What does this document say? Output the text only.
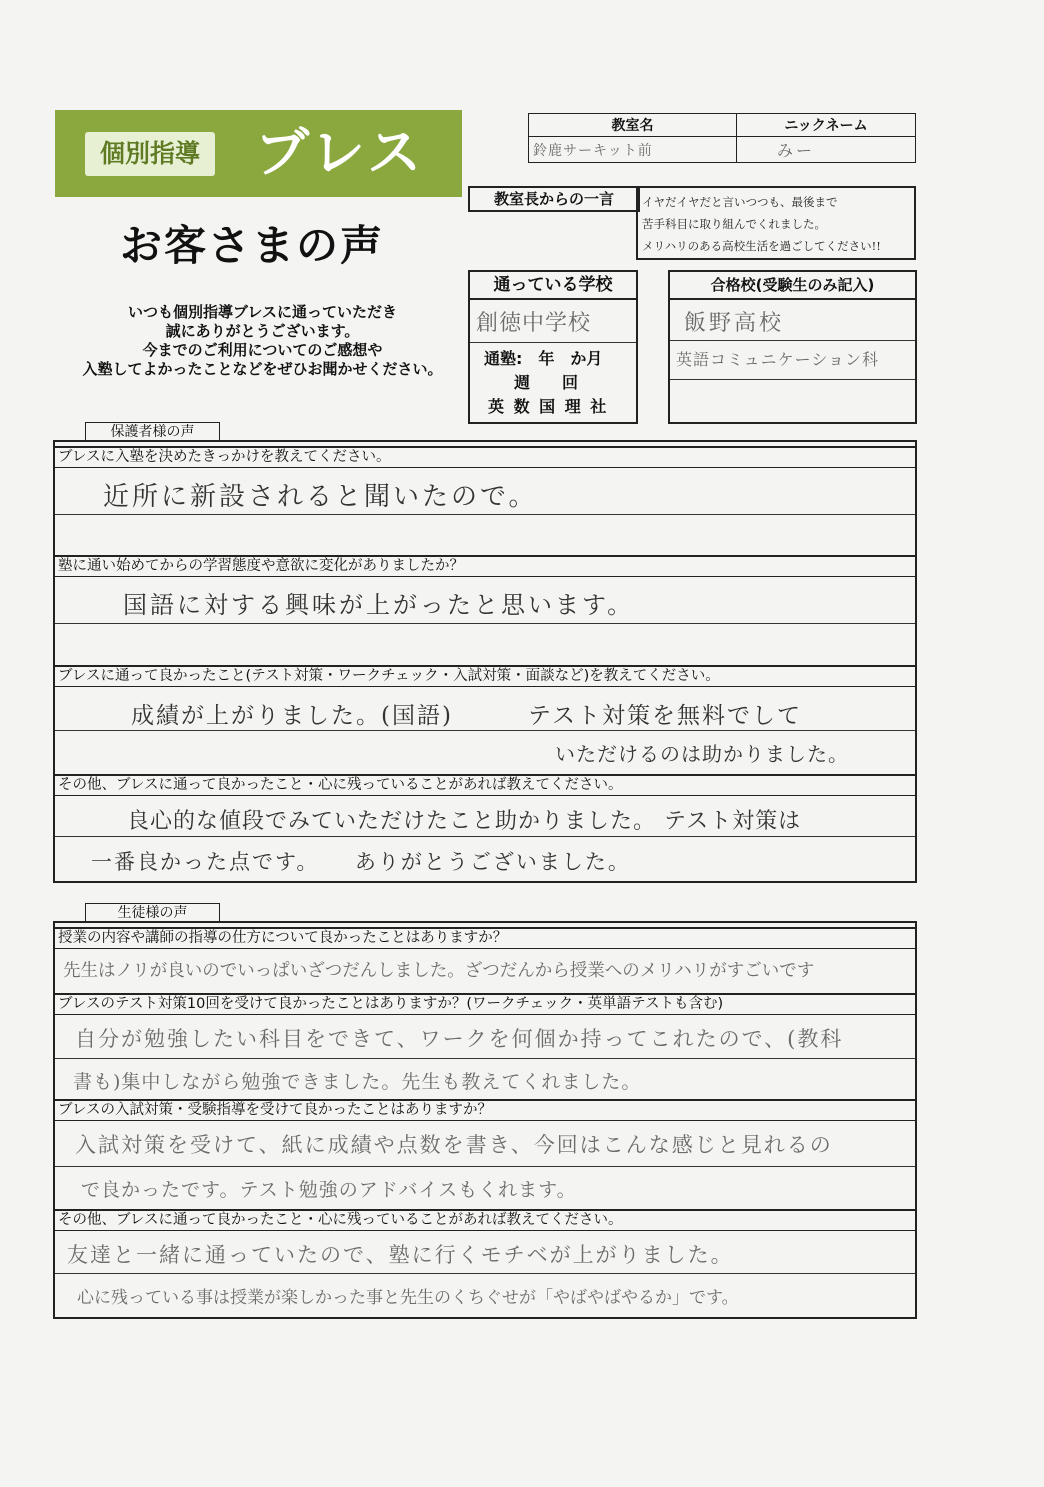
個別指導 ブレス
お客さまの声
いつも個別指導ブレスに通っていただき
誠にありがとうございます。
今までのご利用についてのご感想や
入塾してよかったことなどをぜひお聞かせください。
教室名	ニックネーム
鈴鹿サーキット前	みー
教室長からの一言	イヤだイヤだと言いつつも、最後まで
苦手科目に取り組んでくれました。
メリハリのある高校生活を過ごしてください!!
通っている学校
創徳中学校
通塾:　年　か月
週　　回
英 数 国 理 社
合格校(受験生のみ記入)
飯野高校
英語コミュニケーション科
保護者様の声
ブレスに入塾を決めたきっかけを教えてください。
近所に新設されると聞いたので。
塾に通い始めてからの学習態度や意欲に変化がありましたか？
国語に対する興味が上がったと思います。
ブレスに通って良かったこと(テスト対策・ワークチェック・入試対策・面談など)を教えてください。
成績が上がりました。(国語)　　　テスト対策を無料でして
いただけるのは助かりました。
その他、ブレスに通って良かったこと・心に残っていることがあれば教えてください。
良心的な値段でみていただけたこと助かりました。 テスト対策は
一番良かった点です。　　ありがとうございました。
生徒様の声
授業の内容や講師の指導の仕方について良かったことはありますか？
先生はノリが良いのでいっぱいざつだんしました。ざつだんから授業へのメリハリがすごいです
ブレスのテスト対策10回を受けて良かったことはありますか？(ワークチェック・英単語テストも含む)
自分が勉強したい科目をできて、ワークを何個か持ってこれたので、(教科
書も)集中しながら勉強できました。先生も教えてくれました。
ブレスの入試対策・受験指導を受けて良かったことはありますか？
入試対策を受けて、紙に成績や点数を書き、今回はこんな感じと見れるの
で良かったです。テスト勉強のアドバイスもくれます。
その他、ブレスに通って良かったこと・心に残っていることがあれば教えてください。
友達と一緒に通っていたので、塾に行くモチベが上がりました。
心に残っている事は授業が楽しかった事と先生のくちぐせが「やばやばやるか」です。
